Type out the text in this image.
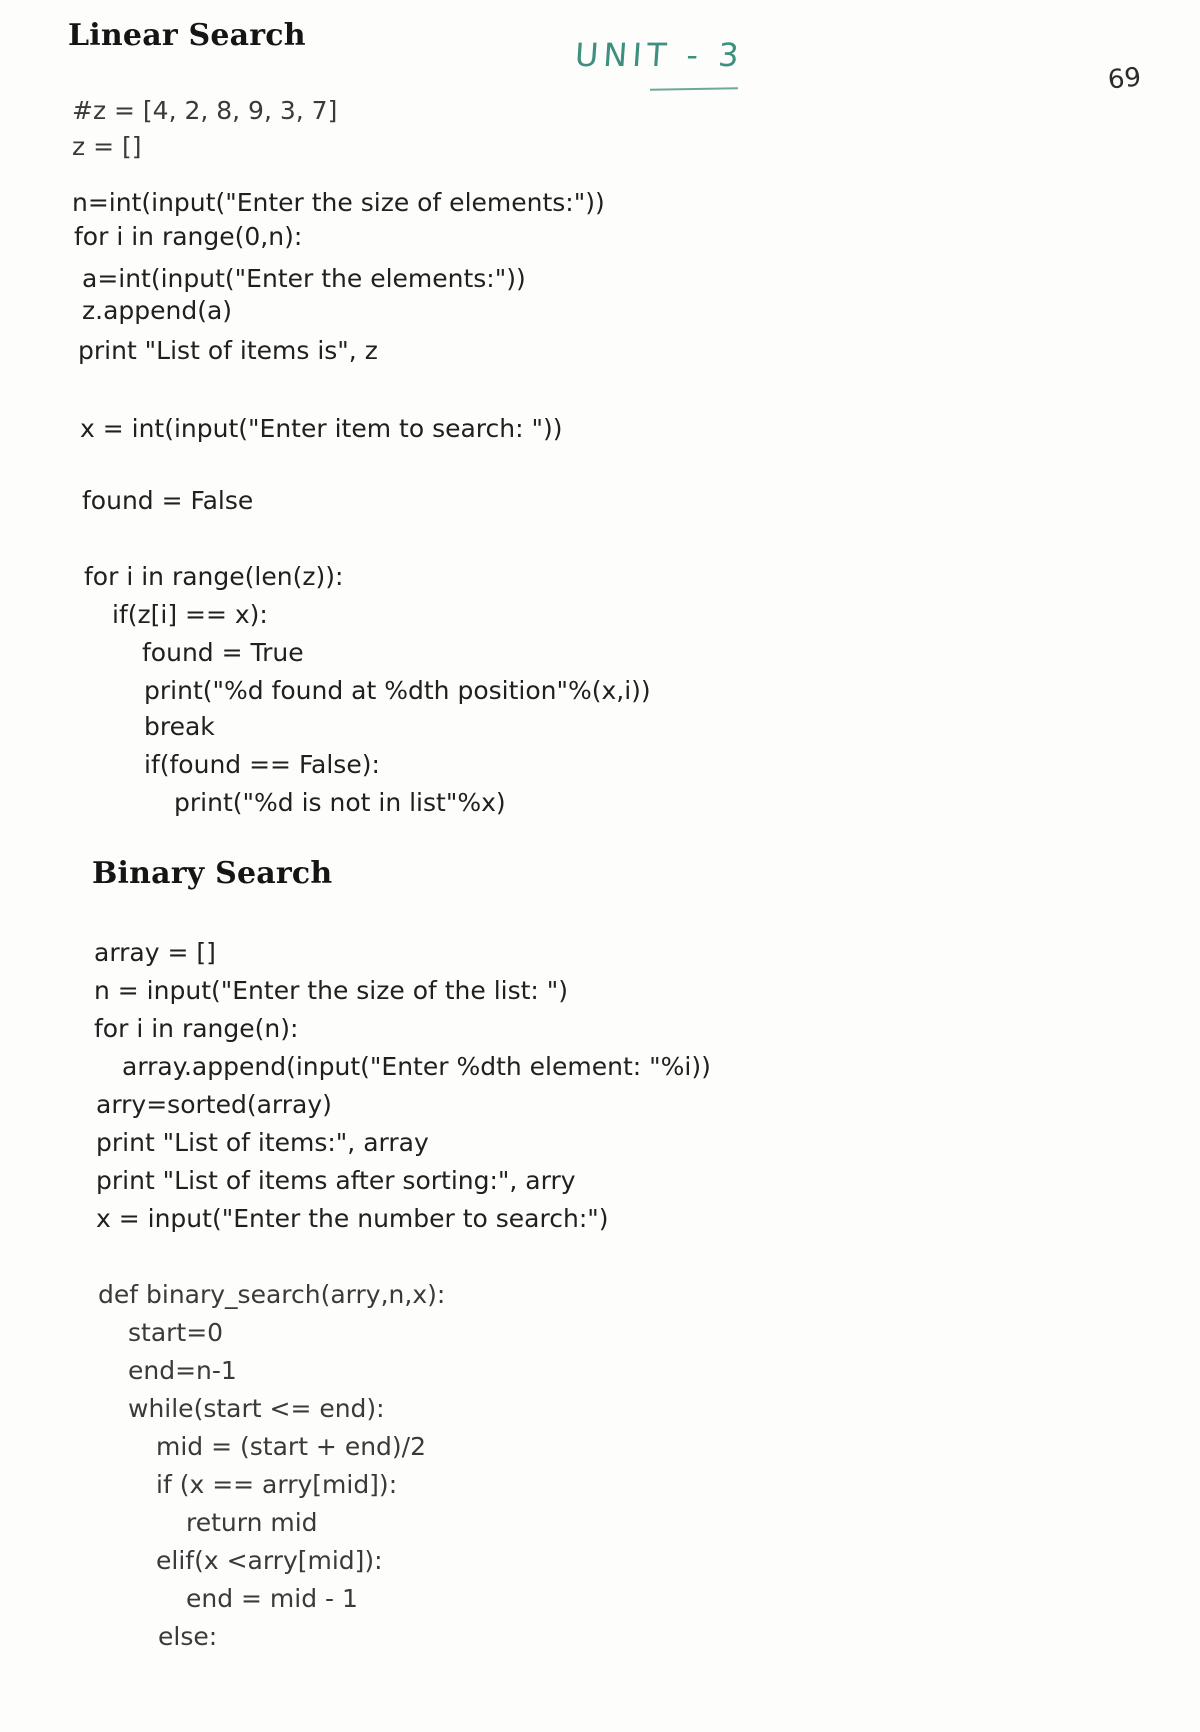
UNIT - 3
69
Linear Search
#z = [4, 2, 8, 9, 3, 7]
z = []
n=int(input("Enter the size of elements:"))
for i in range(0,n):
a=int(input("Enter the elements:"))
z.append(a)
print "List of items is", z
x = int(input("Enter item to search: "))
found = False
for i in range(len(z)):
if(z[i] == x):
found = True
print("%d found at %dth position"%(x,i))
break
if(found == False):
print("%d is not in list"%x)
Binary Search
array = []
n = input("Enter the size of the list: ")
for i in range(n):
array.append(input("Enter %dth element: "%i))
arry=sorted(array)
print "List of items:", array
print "List of items after sorting:", arry
x = input("Enter the number to search:")
def binary_search(arry,n,x):
start=0
end=n-1
while(start <= end):
mid = (start + end)/2
if (x == arry[mid]):
return mid
elif(x <arry[mid]):
end = mid - 1
else:
